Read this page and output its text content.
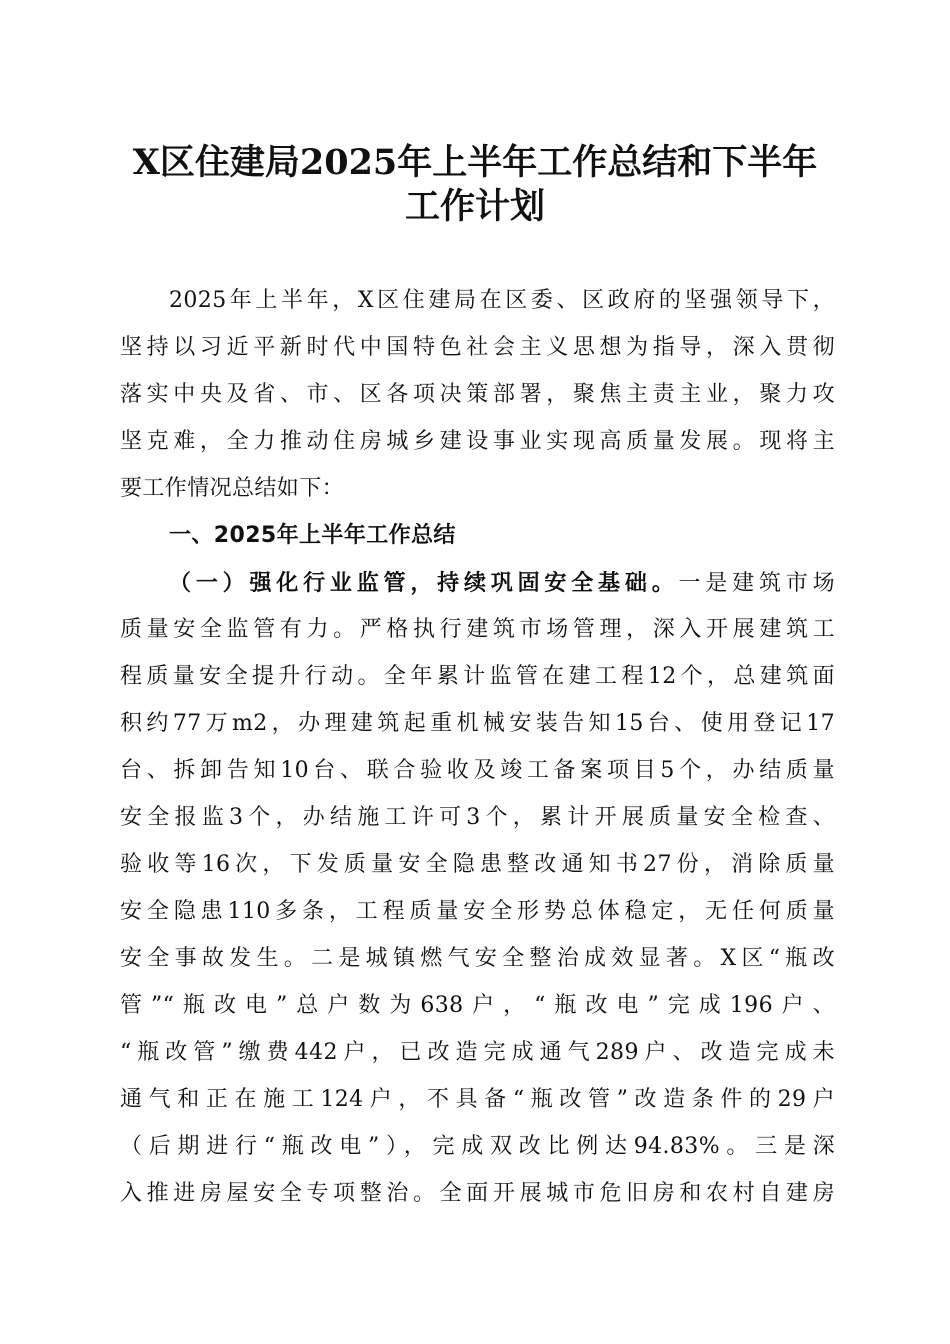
X区住建局2025年上半年工作总结和下半年
工作计划
2025年上半年，X区住建局在区委、区政府的坚强领导下，
坚持以习近平新时代中国特色社会主义思想为指导，深入贯彻
落实中央及省、市、区各项决策部署，聚焦主责主业，聚力攻
坚克难，全力推动住房城乡建设事业实现高质量发展。现将主
要工作情况总结如下：
一、2025年上半年工作总结
（一）强化行业监管，持续巩固安全基础。一是建筑市场
质量安全监管有力。严格执行建筑市场管理，深入开展建筑工
程质量安全提升行动。全年累计监管在建工程12个，总建筑面
积约77万m2，办理建筑起重机械安装告知15台、使用登记17
台、拆卸告知10台、联合验收及竣工备案项目5个，办结质量
安全报监3个，办结施工许可3个，累计开展质量安全检查、
验收等16次，下发质量安全隐患整改通知书27份，消除质量
安全隐患110多条，工程质量安全形势总体稳定，无任何质量
安全事故发生。二是城镇燃气安全整治成效显著。X区“瓶改
管”“瓶改电”总户数为638户，“瓶改电”完成196户、
“瓶改管”缴费442户，已改造完成通气289户、改造完成未
通气和正在施工124户，不具备“瓶改管”改造条件的29户
（后期进行“瓶改电”），完成双改比例达94.83%。三是深
入推进房屋安全专项整治。全面开展城市危旧房和农村自建房
